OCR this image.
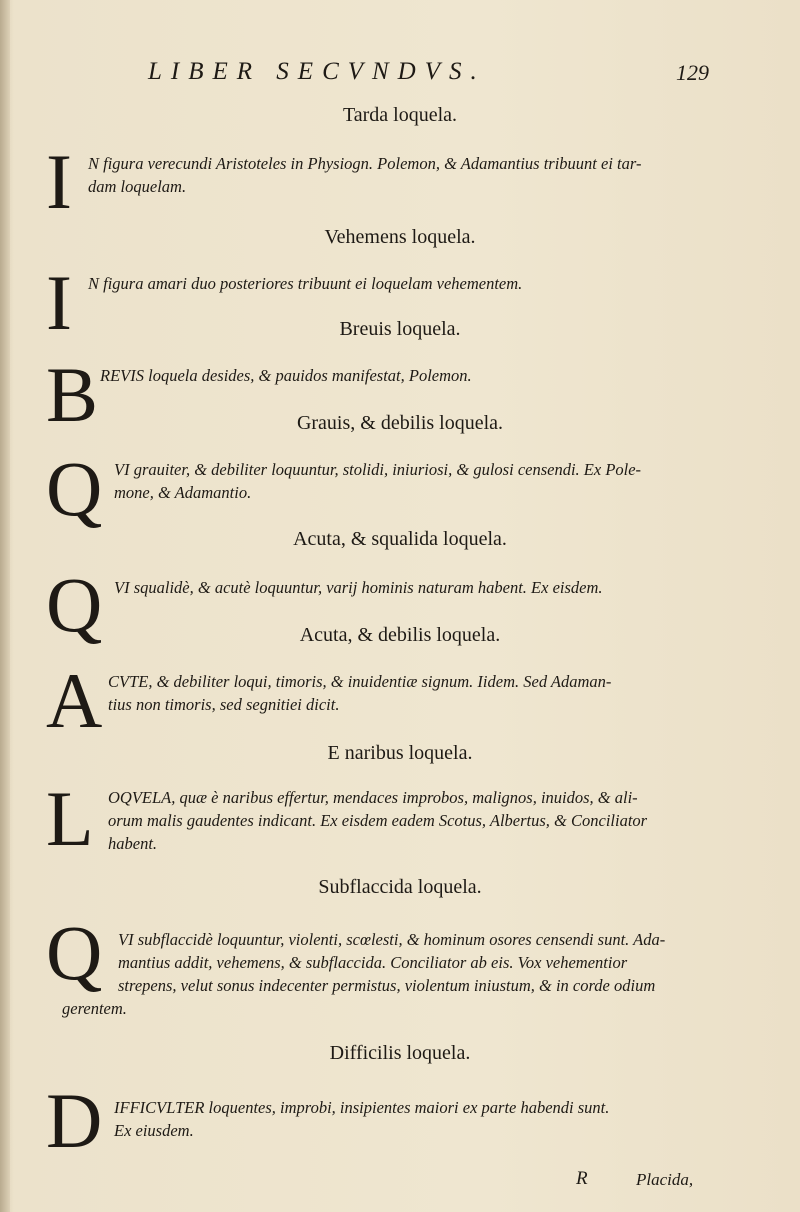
LIBER SECVNDVS.	129
Tarda loquela.
I N figura verecundi Aristoteles in Physiogn. Polemon, & Adamantius tribuunt ei tar-
dam loquelam.
Vehemens loquela.
I N figura amari duo posteriores tribuunt ei loquelam vehementem.
Breuis loquela.
B REVIS loquela desides, & pauidos manifestat, Polemon.
Grauis, & debilis loquela.
Q VI grauiter, & debiliter loquuntur, stolidi, iniuriosi, & gulosi censendi. Ex Pole-
mone, & Adamantio.
Acuta, & squalida loquela.
Q VI squalidè, & acutè loquuntur, varij hominis naturam habent. Ex eisdem.
Acuta, & debilis loquela.
A CVTE, & debiliter loqui, timoris, & inuidentiæ signum. Iidem. Sed Adaman-
tius non timoris, sed segnitiei dicit.
E naribus loquela.
L OQVELA, quæ è naribus effertur, mendaces improbos, malignos, inuidos, & ali-
orum malis gaudentes indicant. Ex eisdem eadem Scotus, Albertus, & Conciliator
habent.
Subflaccida loquela.
Q VI subflaccidè loquuntur, violenti, scœlesti, & hominum osores censendi sunt. Ada-
mantius addit, vehemens, & subflaccida. Conciliator ab eis. Vox vehementior
strepens, velut sonus indecenter permistus, violentum iniustum, & in corde odium
gerentem.
Difficilis loquela.
D IFFICVLTER loquentes, improbi, insipientes maiori ex parte habendi sunt.
Ex eiusdem.
R	Placida,
